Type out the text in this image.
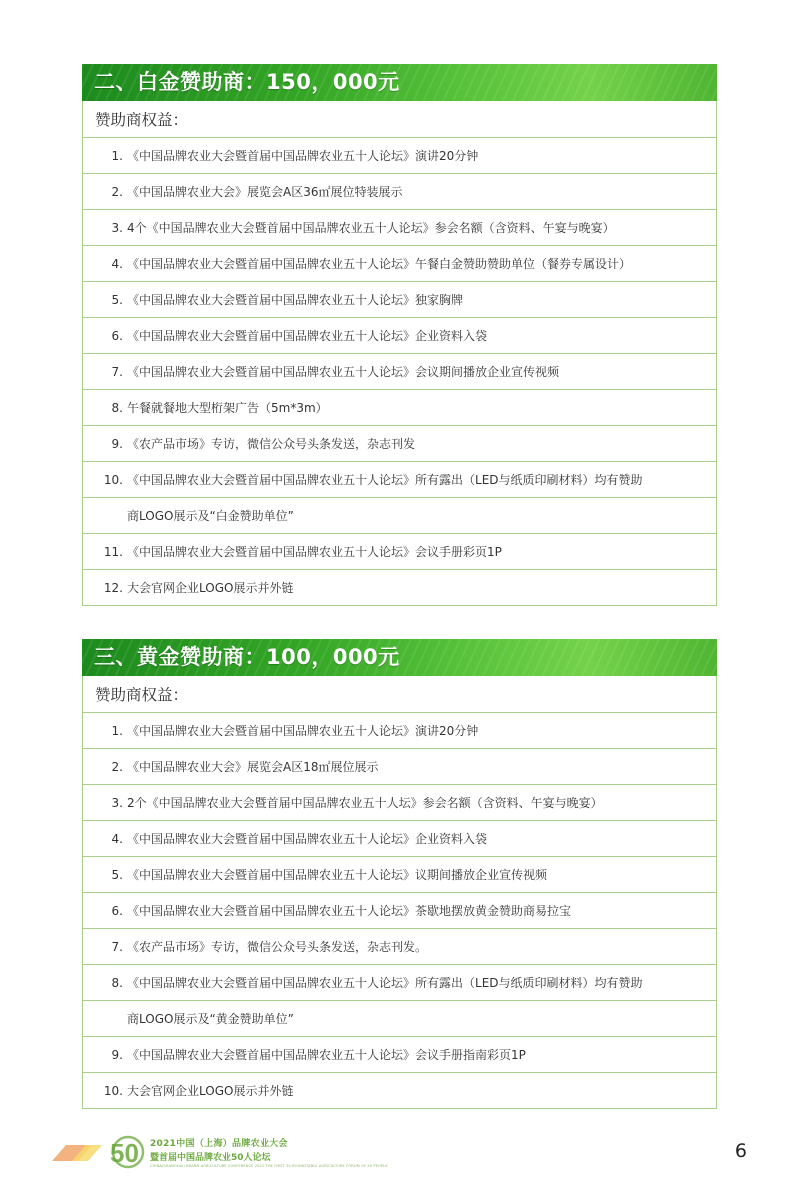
二、白金赞助商：150，000元
赞助商权益：
1. 《中国品牌农业大会暨首届中国品牌农业五十人论坛》演讲20分钟
2. 《中国品牌农业大会》展览会A区36㎡展位特装展示
3. 4个《中国品牌农业大会暨首届中国品牌农业五十人论坛》参会名额（含资料、午宴与晚宴）
4. 《中国品牌农业大会暨首届中国品牌农业五十人论坛》午餐白金赞助赞助单位（餐券专属设计）
5. 《中国品牌农业大会暨首届中国品牌农业五十人论坛》独家胸牌
6. 《中国品牌农业大会暨首届中国品牌农业五十人论坛》企业资料入袋
7. 《中国品牌农业大会暨首届中国品牌农业五十人论坛》会议期间播放企业宣传视频
8. 午餐就餐地大型桁架广告（5m*3m）
9. 《农产品市场》专访，微信公众号头条发送，杂志刊发
10. 《中国品牌农业大会暨首届中国品牌农业五十人论坛》所有露出（LED与纸质印刷材料）均有赞助
商LOGO展示及“白金赞助单位”
11. 《中国品牌农业大会暨首届中国品牌农业五十人论坛》会议手册彩页1P
12. 大会官网企业LOGO展示并外链
三、黄金赞助商：100，000元
赞助商权益：
1. 《中国品牌农业大会暨首届中国品牌农业五十人论坛》演讲20分钟
2. 《中国品牌农业大会》展览会A区18㎡展位展示
3. 2个《中国品牌农业大会暨首届中国品牌农业五十人坛》参会名额（含资料、午宴与晚宴）
4. 《中国品牌农业大会暨首届中国品牌农业五十人论坛》企业资料入袋
5. 《中国品牌农业大会暨首届中国品牌农业五十人论坛》议期间播放企业宣传视频
6. 《中国品牌农业大会暨首届中国品牌农业五十人论坛》茶歇地摆放黄金赞助商易拉宝
7. 《农产品市场》专访，微信公众号头条发送，杂志刊发。
8. 《中国品牌农业大会暨首届中国品牌农业五十人论坛》所有露出（LED与纸质印刷材料）均有赞助
商LOGO展示及“黄金赞助单位”
9. 《中国品牌农业大会暨首届中国品牌农业五十人论坛》会议手册指南彩页1P
10. 大会官网企业LOGO展示并外链
50 2021中国（上海）品牌农业大会
暨首届中国品牌农业50人论坛
CHINA(SHANGHAI) BRAND AGRICULTURE CONFERENCE 2021 THE FIRST 50 ROUNDTABLE AGRICULTURE FORUM OF 50 PEOPLE
6
